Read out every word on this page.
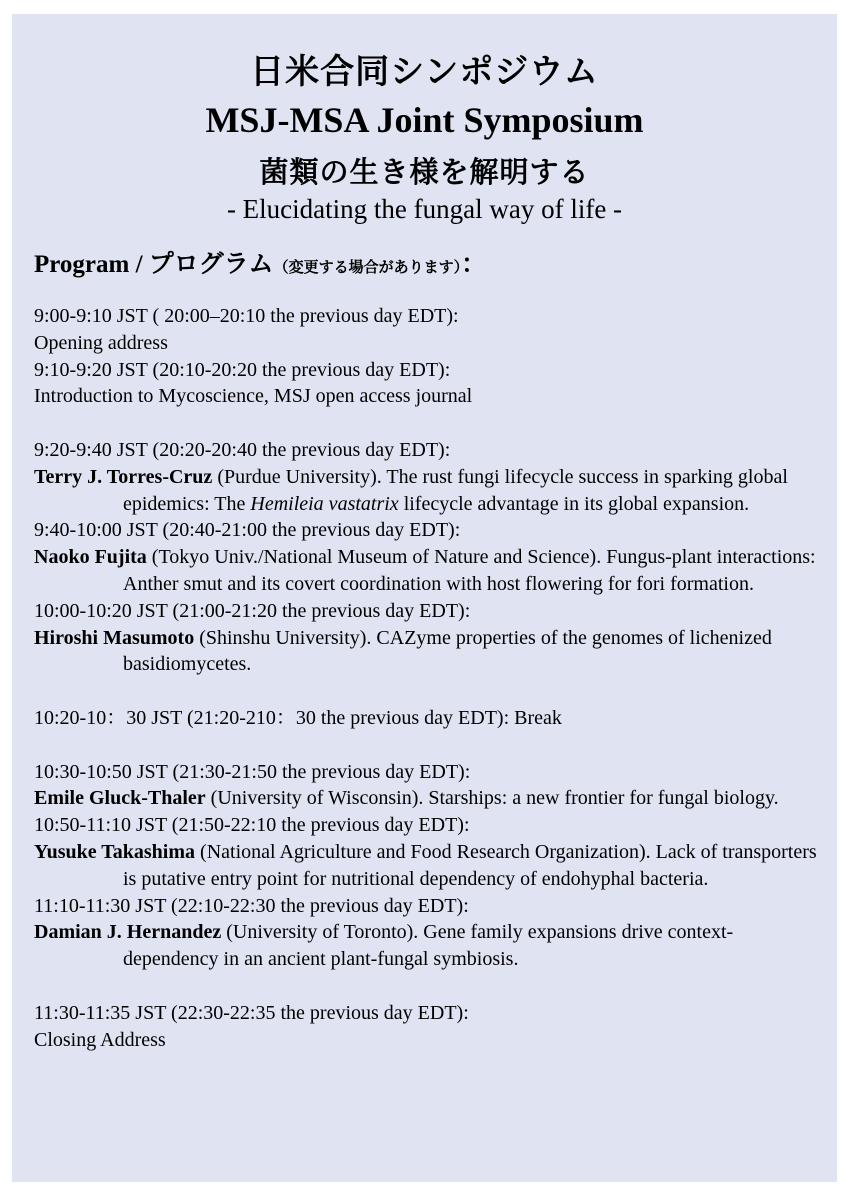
日米合同シンポジウム
MSJ-MSA Joint Symposium
菌類の生き様を解明する
- Elucidating the fungal way of life -
Program / プログラム（変更する場合があります）：
9:00-9:10 JST ( 20:00–20:10 the previous day EDT):
Opening address
9:10-9:20 JST (20:10-20:20 the previous day EDT):
Introduction to Mycoscience, MSJ open access journal
9:20-9:40 JST (20:20-20:40 the previous day EDT):
Terry J. Torres-Cruz (Purdue University). The rust fungi lifecycle success in sparking global epidemics: The Hemileia vastatrix lifecycle advantage in its global expansion.
9:40-10:00 JST (20:40-21:00 the previous day EDT):
Naoko Fujita (Tokyo Univ./National Museum of Nature and Science). Fungus-plant interactions: Anther smut and its covert coordination with host flowering for fori formation.
10:00-10:20 JST (21:00-21:20 the previous day EDT):
Hiroshi Masumoto (Shinshu University). CAZyme properties of the genomes of lichenized basidiomycetes.
10:20-10：30 JST (21:20-210：30 the previous day EDT): Break
10:30-10:50 JST (21:30-21:50 the previous day EDT):
Emile Gluck-Thaler (University of Wisconsin). Starships: a new frontier for fungal biology.
10:50-11:10 JST (21:50-22:10 the previous day EDT):
Yusuke Takashima (National Agriculture and Food Research Organization). Lack of transporters is putative entry point for nutritional dependency of endohyphal bacteria.
11:10-11:30 JST (22:10-22:30 the previous day EDT):
Damian J. Hernandez (University of Toronto). Gene family expansions drive context-dependency in an ancient plant-fungal symbiosis.
11:30-11:35 JST (22:30-22:35 the previous day EDT):
Closing Address
